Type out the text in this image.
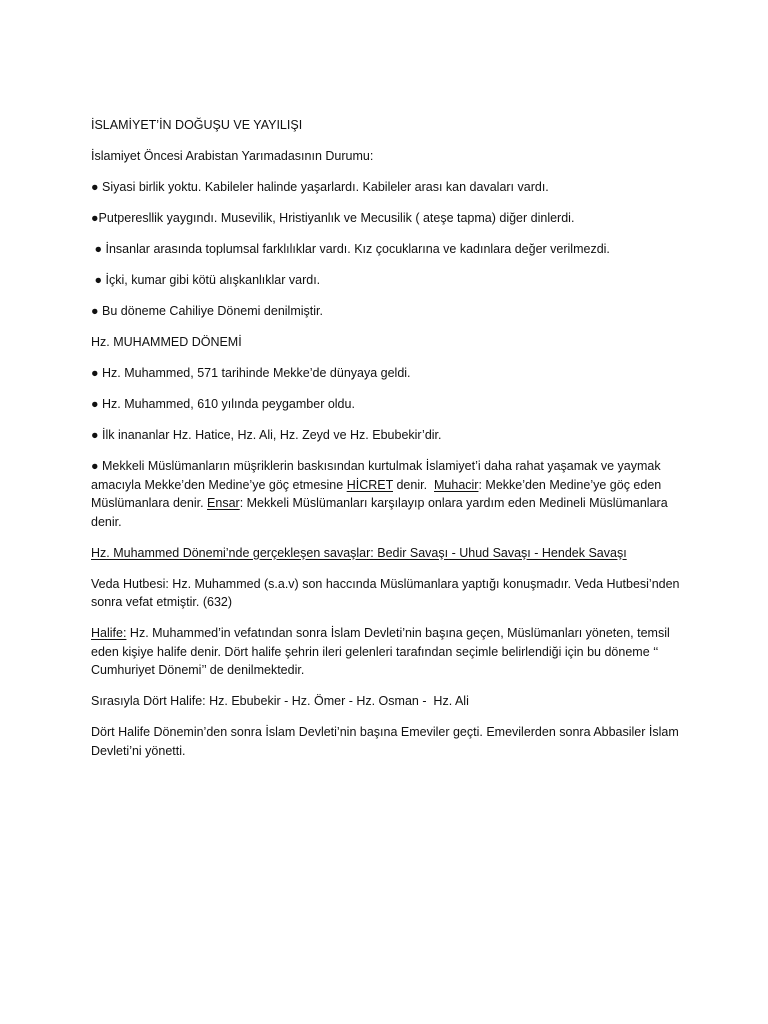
İSLAMİYET’İN DOĞUŞU VE YAYILIŞI

İslamiyet Öncesi Arabistan Yarımadasının Durumu:

● Siyasi birlik yoktu. Kabileler halinde yaşarlardı. Kabileler arası kan davaları vardı.

●Putperesllik yaygındı. Musevilik, Hristiyanlık ve Mecusilik ( ateşe tapma) diğer dinlerdi.

● İnsanlar arasında toplumsal farklılıklar vardı. Kız çocuklarına ve kadınlara değer verilmezdi.

● İçki, kumar gibi kötü alışkanlıklar vardı.

● Bu döneme Cahiliye Dönemi denilmiştir.

Hz. MUHAMMED DÖNEMİ

● Hz. Muhammed, 571 tarihinde Mekke’de dünyaya geldi.

● Hz. Muhammed, 610 yılında peygamber oldu.

● İlk inananlar Hz. Hatice, Hz. Ali, Hz. Zeyd ve Hz. Ebubekir’dir.

● Mekkeli Müslümanların müşriklerin baskısından kurtulmak İslamiyet’i daha rahat yaşamak ve yaymak amacıyla Mekke’den Medine’ye göç etmesine HİCRET denir.  Muhacir: Mekke’den Medine’ye göç eden Müslümanlara denir. Ensar: Mekkeli Müslümanları karşılayıp onlara yardım eden Medineli Müslümanlara denir.

Hz. Muhammed Dönemi’nde gerçekleşen savaşlar: Bedir Savaşı - Uhud Savaşı - Hendek Savaşı

Veda Hutbesi: Hz. Muhammed (s.a.v) son haccında Müslümanlara yaptığı konuşmadır. Veda Hutbesi’nden sonra vefat etmiştir. (632)

Halife: Hz. Muhammed’in vefatından sonra İslam Devleti’nin başına geçen, Müslümanları yöneten, temsil eden kişiye halife denir. Dört halife şehrin ileri gelenleri tarafından seçimle belirlendiği için bu döneme ‘‘ Cumhuriyet Dönemi’’ de denilmektedir.

Sırasıyla Dört Halife: Hz. Ebubekir - Hz. Ömer - Hz. Osman -  Hz. Ali

Dört Halife Dönemin’den sonra İslam Devleti’nin başına Emeviler geçti. Emevilerden sonra Abbasiler İslam Devleti’ni yönetti.
